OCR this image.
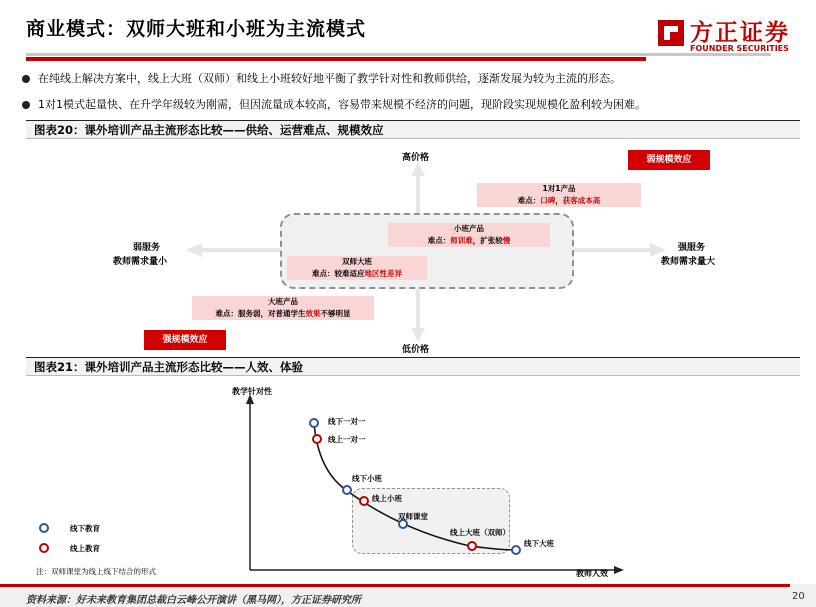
商业模式：双师大班和小班为主流模式	方正证券
FOUNDER SECURITIES
在纯线上解决方案中，线上大班（双师）和线上小班较好地平衡了教学针对性和教师供给，逐渐发展为较为主流的形态。
1对1模式起量快、在升学年级较为刚需，但因流量成本较高，容易带来规模不经济的问题，现阶段实现规模化盈利较为困难。
图表20：课外培训产品主流形态比较——供给、运营难点、规模效应
高价格
低价格
弱服务
教师需求量小
强服务
教师需求量大
弱规模效应
强规模效应
1对1产品
难点：口碑，获客成本高
小班产品
难点：师训难，扩张较慢
双师大班
难点：较难适应地区性差异
大班产品
难点：服务弱，对普通学生效果不够明显
图表21：课外培训产品主流形态比较——人效、体验
教学针对性
教师人效
线下一对一
线上一对一
线下小班
线上小班
双师课堂
线上大班（双师）
线下大班
线下教育
线上教育
注：双师课堂为线上线下结合的形式
资料来源：好未来教育集团总裁白云峰公开演讲（黑马网），方正证券研究所	20
